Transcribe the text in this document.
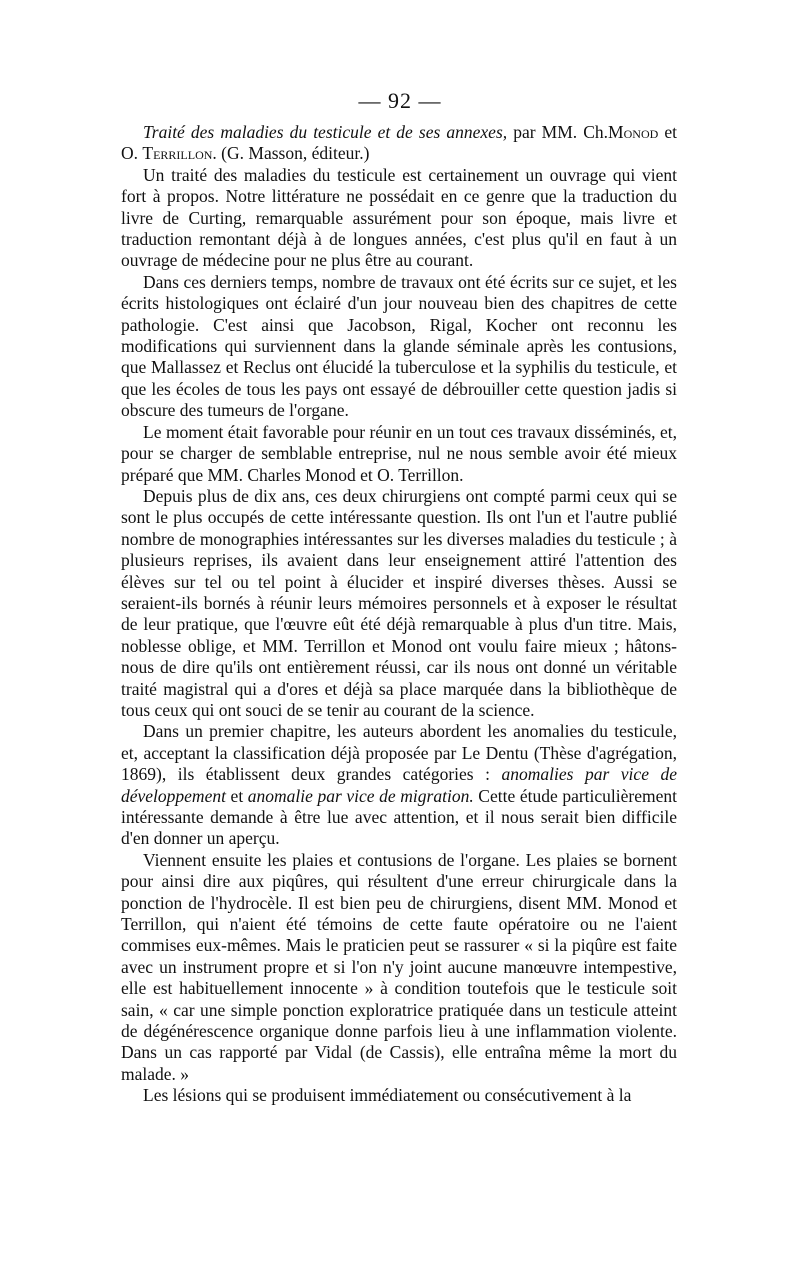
— 92 —

Traité des maladies du testicule et de ses annexes, par MM. Ch.Monod et O. Terrillon. (G. Masson, éditeur.)

Un traité des maladies du testicule est certainement un ouvrage qui vient fort à propos. Notre littérature ne possédait en ce genre que la traduction du livre de Curting, remarquable assurément pour son époque, mais livre et traduction remontant déjà à de longues années, c'est plus qu'il en faut à un ouvrage de médecine pour ne plus être au courant.

Dans ces derniers temps, nombre de travaux ont été écrits sur ce sujet, et les écrits histologiques ont éclairé d'un jour nouveau bien des chapitres de cette pathologie. C'est ainsi que Jacobson, Rigal, Kocher ont reconnu les modifications qui surviennent dans la glande séminale après les contusions, que Mallassez et Reclus ont élucidé la tuberculose et la syphilis du testicule, et que les écoles de tous les pays ont essayé de débrouiller cette question jadis si obscure des tumeurs de l'organe.

Le moment était favorable pour réunir en un tout ces travaux disséminés, et, pour se charger de semblable entreprise, nul ne nous semble avoir été mieux préparé que MM. Charles Monod et O. Terrillon.

Depuis plus de dix ans, ces deux chirurgiens ont compté parmi ceux qui se sont le plus occupés de cette intéressante question. Ils ont l'un et l'autre publié nombre de monographies intéressantes sur les diverses maladies du testicule ; à plusieurs reprises, ils avaient dans leur enseignement attiré l'attention des élèves sur tel ou tel point à élucider et inspiré diverses thèses. Aussi se seraient-ils bornés à réunir leurs mémoires personnels et à exposer le résultat de leur pratique, que l'œuvre eût été déjà remarquable à plus d'un titre. Mais, noblesse oblige, et MM. Terrillon et Monod ont voulu faire mieux ; hâtons-nous de dire qu'ils ont entièrement réussi, car ils nous ont donné un véritable traité magistral qui a d'ores et déjà sa place marquée dans la bibliothèque de tous ceux qui ont souci de se tenir au courant de la science.

Dans un premier chapitre, les auteurs abordent les anomalies du testicule, et, acceptant la classification déjà proposée par Le Dentu (Thèse d'agrégation, 1869), ils établissent deux grandes catégories : anomalies par vice de développement et anomalie par vice de migration. Cette étude particulièrement intéressante demande à être lue avec attention, et il nous serait bien difficile d'en donner un aperçu.

Viennent ensuite les plaies et contusions de l'organe. Les plaies se bornent pour ainsi dire aux piqûres, qui résultent d'une erreur chirurgicale dans la ponction de l'hydrocèle. Il est bien peu de chirurgiens, disent MM. Monod et Terrillon, qui n'aient été témoins de cette faute opératoire ou ne l'aient commises eux-mêmes. Mais le praticien peut se rassurer « si la piqûre est faite avec un instrument propre et si l'on n'y joint aucune manœuvre intempestive, elle est habituellement innocente » à condition toutefois que le testicule soit sain, « car une simple ponction exploratrice pratiquée dans un testicule atteint de dégénérescence organique donne parfois lieu à une inflammation violente. Dans un cas rapporté par Vidal (de Cassis), elle entraîna même la mort du malade. »

Les lésions qui se produisent immédiatement ou consécutivement à la
